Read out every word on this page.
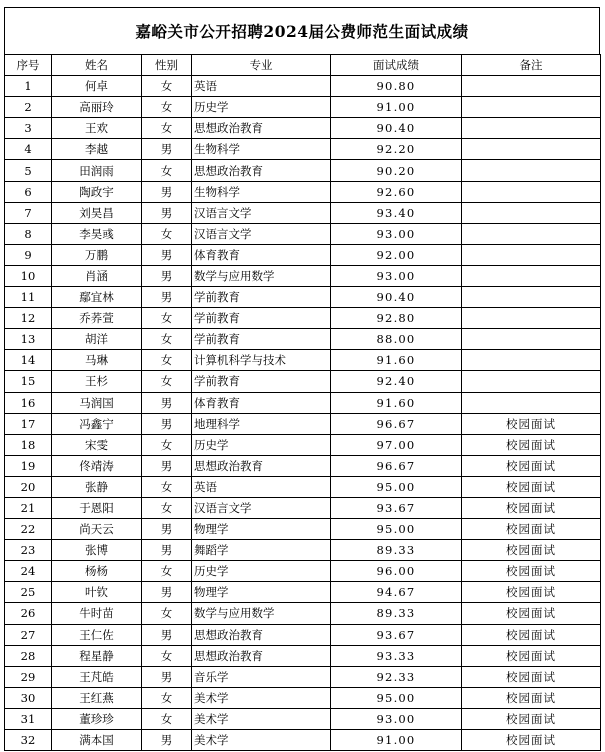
嘉峪关市公开招聘2024届公费师范生面试成绩
序号	姓名	性别	专业	面试成绩	备注
1	何卓	女	英语	90.80	
2	高丽玲	女	历史学	91.00	
3	王欢	女	思想政治教育	90.40	
4	李越	男	生物科学	92.20	
5	田润雨	女	思想政治教育	90.20	
6	陶政宇	男	生物科学	92.60	
7	刘昊昌	男	汉语言文学	93.40	
8	李昊彧	女	汉语言文学	93.00	
9	万鹏	男	体育教育	92.00	
10	肖涵	男	数学与应用数学	93.00	
11	鄢宜林	男	学前教育	90.40	
12	乔荞萱	女	学前教育	92.80	
13	胡洋	女	学前教育	88.00	
14	马琳	女	计算机科学与技术	91.60	
15	王杉	女	学前教育	92.40	
16	马润国	男	体育教育	91.60	
17	冯鑫宁	男	地理科学	96.67	校园面试
18	宋雯	女	历史学	97.00	校园面试
19	佟靖涛	男	思想政治教育	96.67	校园面试
20	张静	女	英语	95.00	校园面试
21	于恩阳	女	汉语言文学	93.67	校园面试
22	尚天云	男	物理学	95.00	校园面试
23	张博	男	舞蹈学	89.33	校园面试
24	杨杨	女	历史学	96.00	校园面试
25	叶钦	男	物理学	94.67	校园面试
26	牛时苗	女	数学与应用数学	89.33	校园面试
27	王仁佐	男	思想政治教育	93.67	校园面试
28	程星静	女	思想政治教育	93.33	校园面试
29	王芃皓	男	音乐学	92.33	校园面试
30	王红燕	女	美术学	95.00	校园面试
31	董珍珍	女	美术学	93.00	校园面试
32	满本国	男	美术学	91.00	校园面试
